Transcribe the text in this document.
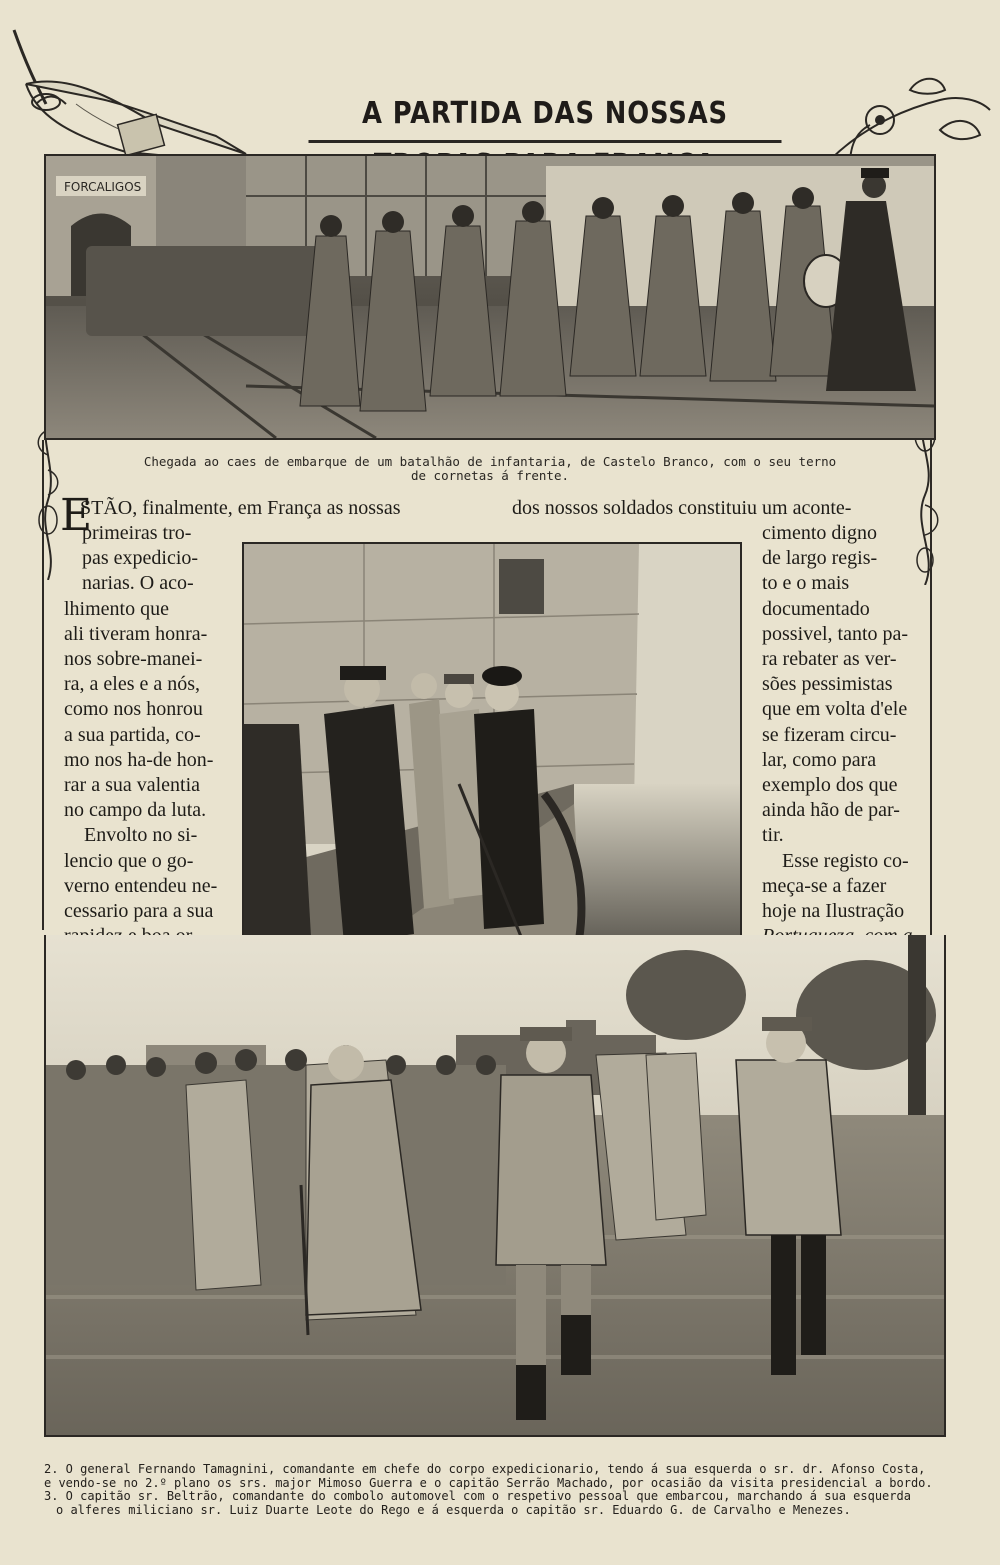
A PARTIDA DAS NOSSAS
FORCALIGOS
Chegada ao caes de embarque de um batalhão de infantaria, de Castelo Branco, com o seu terno
de cornetas á frente.
E
STÃO, finalmente, em França as nossas
primeiras tro-
pas expedicio-
narias. O aco-
lhimento que
ali tiveram honra-
nos sobre-manei-
ra, a eles e a nós,
como nos honrou
a sua partida, co-
mo nos ha-de hon-
rar a sua valentia
no campo da luta.
Envolto no si-
lencio que o go-
verno entendeu ne-
cessario para a sua
dos nossos soldados constituiu um aconte-
cimento digno
de largo regis-
to e o mais
documentado
possivel, tanto pa-
ra rebater as ver-
sões pessimistas
que em volta d'ele
se fizeram circu-
lar, como para
exemplo dos que
ainda hão de par-
tir.
Esse registo co-
meça-se a fazer
hoje na Ilustração
2. O general Fernando Tamagnini, comandante em chefe do corpo expedicionario, tendo á sua esquerda o sr. dr. Afonso Costa,
e vendo-se no 2.º plano os srs. major Mimoso Guerra e o capitão Serrão Machado, por ocasião da visita presidencial a bordo.
3. O capitão sr. Beltrão, comandante do combolo automovel com o respetivo pessoal que embarcou, marchando á sua esquerda
o alferes miliciano sr. Luiz Duarte Leote do Rego e á esquerda o capitão sr. Eduardo G. de Carvalho e Menezes.
